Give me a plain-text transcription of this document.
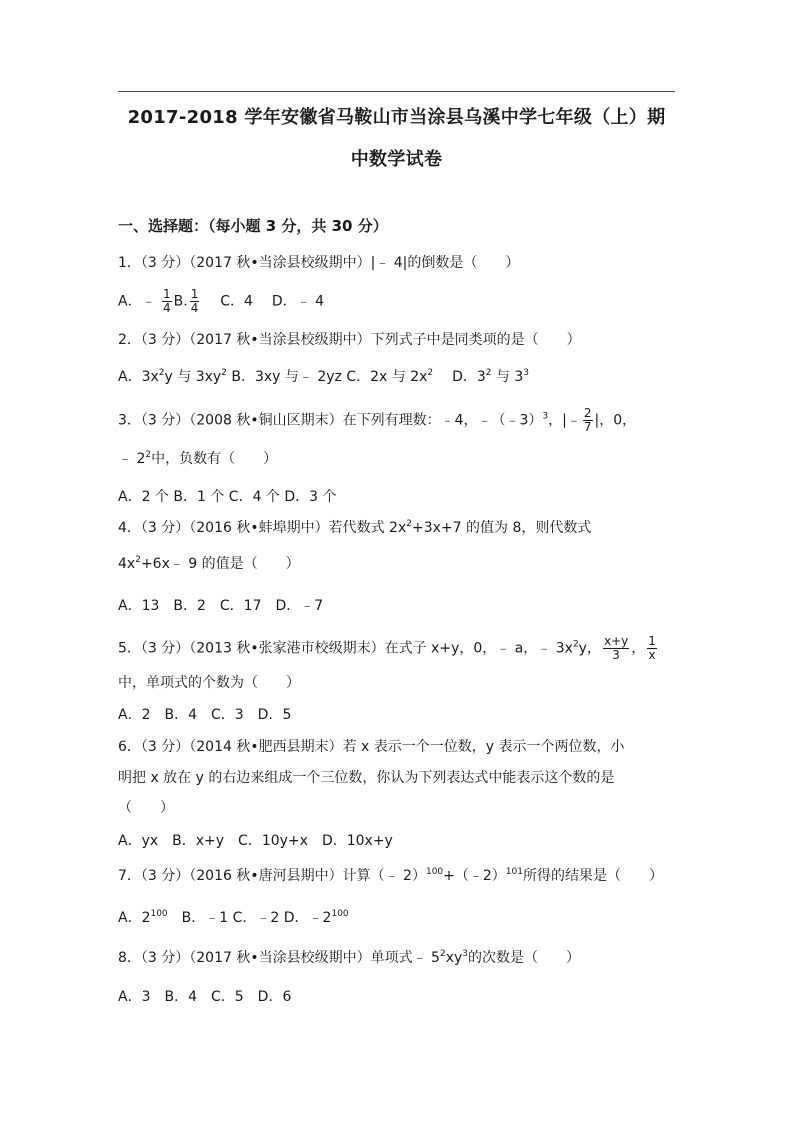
2017-2018 学年安徽省马鞍山市当涂县乌溪中学七年级（上）期
中数学试卷
一、选择题：（每小题 3 分，共 30 分）
1．（3 分）（2017 秋•当涂县校级期中）|﹣ 4|的倒数是（　　）
A．﹣ $\frac{1}{4} B$. $\frac{1}{4}$ C．4 D．﹣ 4
2．（3 分）（2017 秋•当涂县校级期中）下列式子中是同类项的是（　　）
A．$3x^2y$ 与 $3xy^2$ B．3xy 与﹣ 2yz C．2x 与 $2x^2$ D．$3^2$ 与 $3^3$
3．（3 分）（2008 秋•铜山区期末）在下列有理数：﹣4，﹣（﹣3）$^3$，|﹣ $\frac{2}{7}$ |，0，
﹣ $2^2$中，负数有（　　）
A．2 个 B．1 个 C．4 个 D．3 个
4．（3 分）（2016 秋•蚌埠期中）若代数式 $2x^2+3x+7$ 的值为 8，则代数式
$4x^2+6x﹣$ 9 的值是（　　）
A．13　B．2　C．17　D．﹣7
5．（3 分）（2013 秋•张家港市校级期末）在式子 x+y，0，﹣ a，﹣ $3x^2y$， $\frac{x+y}{3}$ ， $\frac{1}{x}$
中，单项式的个数为（　　）
A．2　B．4　C．3　D．5
6．（3 分）（2014 秋•肥西县期末）若 x 表示一个一位数，y 表示一个两位数，小
明把 x 放在 y 的右边来组成一个三位数，你认为下列表达式中能表示这个数的是
（　　）
A．yx　B．x+y　C．10y+x　D．10x+y
7．（3 分）（2016 秋•唐河县期中）计算（﹣ 2）$^{100}$+（﹣2）$^{101}$所得的结果是（　　）
A．$2^{100}$　B．﹣1 C．﹣2 D．$﹣2^{100}$
8．（3 分）（2017 秋•当涂县校级期中）单项式﹣ $5^2xy^3$的次数是（　　）
A．3　B．4　C．5　D．6
